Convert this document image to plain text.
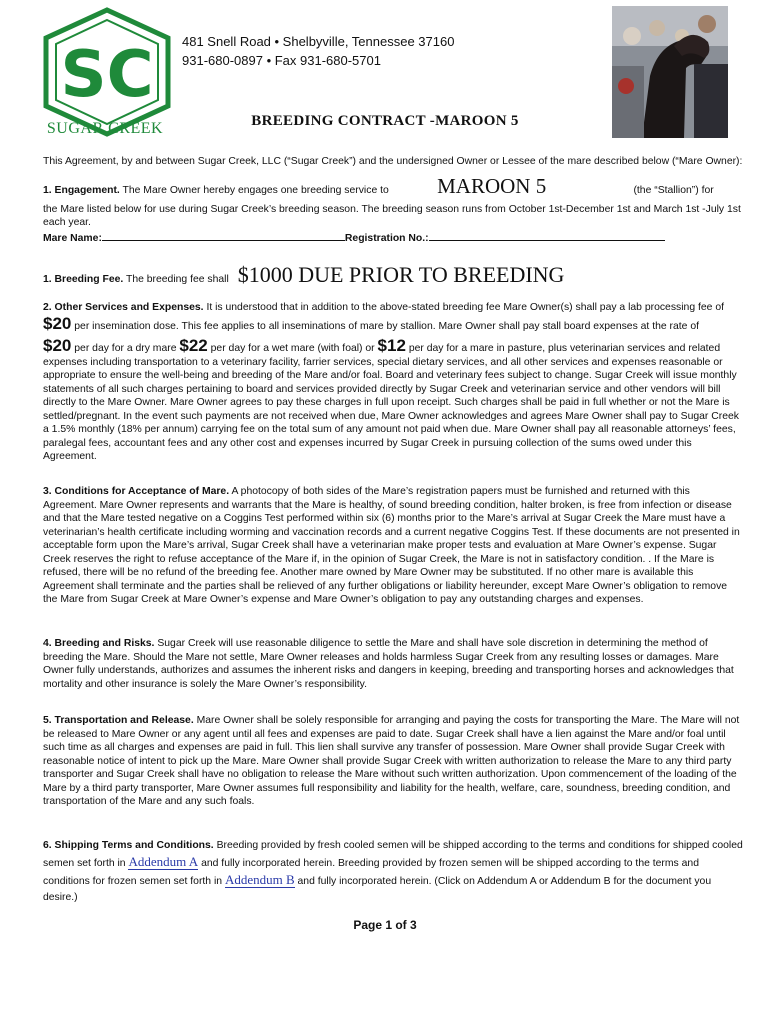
SC
SUGAR CREEK
481 Snell Road • Shelbyville, Tennessee 37160
931-680-0897 • Fax 931-680-5701
BREEDING CONTRACT -MAROON 5

This Agreement, by and between Sugar Creek, LLC (“Sugar Creek”) and the undersigned Owner or Lessee of the mare described below (“Mare Owner):

1. Engagement. The Mare Owner hereby engages one breeding service to MAROON 5	(the “Stallion”) for

the Mare listed below for use during Sugar Creek’s breeding season. The breeding season runs from October 1st-December 1st and March 1st -July 1st each year.

Mare Name:	Registration No.:

1. Breeding Fee. The breeding fee shall $1000 DUE PRIOR TO BREEDING

2. Other Services and Expenses. It is understood that in addition to the above-stated breeding fee Mare Owner(s) shall pay a lab processing fee of

$20 per insemination dose. This fee applies to all inseminations of mare by stallion. Mare Owner shall pay stall board expenses at the rate of

$20 per day for a dry mare $22 per day for a wet mare (with foal) or $12 per day for a mare in pasture, plus veterinarian services and related expenses including transportation to a veterinary facility, farrier services, special dietary services, and all other services and expenses reasonable or appropriate to ensure the well-being and breeding of the Mare and/or foal. Board and veterinary fees subject to change. Sugar Creek will issue monthly statements of all such charges pertaining to board and services provided directly by Sugar Creek and veterinarian service and other vendors will bill directly to the Mare Owner. Mare Owner agrees to pay these charges in full upon receipt. Such charges shall be paid in full whether or not the Mare is settled/pregnant. In the event such payments are not received when due, Mare Owner acknowledges and agrees Mare Owner shall pay to Sugar Creek a 1.5% monthly (18% per annum) carrying fee on the total sum of any amount not paid when due. Mare Owner shall pay all reasonable attorneys’ fees, paralegal fees, accountant fees and any other cost and expenses incurred by Sugar Creek in pursuing collection of the sums owed under this Agreement.

3. Conditions for Acceptance of Mare. A photocopy of both sides of the Mare’s registration papers must be furnished and returned with this Agreement. Mare Owner represents and warrants that the Mare is healthy, of sound breeding condition, halter broken, is free from infection or disease and that the Mare tested negative on a Coggins Test performed within six (6) months prior to the Mare’s arrival at Sugar Creek the Mare must have a veterinarian’s health certificate including worming and vaccination records and a current negative Coggins Test. If these documents are not presented in acceptable form upon the Mare’s arrival, Sugar Creek shall have a veterinarian make proper tests and evaluation at Mare Owner’s expense. Sugar Creek reserves the right to refuse acceptance of the Mare if, in the opinion of Sugar Creek, the Mare is not in satisfactory condition. . If the Mare is refused, there will be no refund of the breeding fee. Another mare owned by Mare Owner may be substituted. If no other mare is available this Agreement shall terminate and the parties shall be relieved of any further obligations or liability hereunder, except Mare Owner’s obligation to remove the Mare from Sugar Creek at Mare Owner’s expense and Mare Owner’s obligation to pay any outstanding charges and expenses.

4. Breeding and Risks. Sugar Creek will use reasonable diligence to settle the Mare and shall have sole discretion in determining the method of breeding the Mare. Should the Mare not settle, Mare Owner releases and holds harmless Sugar Creek from any resulting losses or damages. Mare Owner fully understands, authorizes and assumes the inherent risks and dangers in keeping, breeding and transporting horses and acknowledges that mortality and other insurance is solely the Mare Owner’s responsibility.

5. Transportation and Release. Mare Owner shall be solely responsible for arranging and paying the costs for transporting the Mare. The Mare will not be released to Mare Owner or any agent until all fees and expenses are paid to date. Sugar Creek shall have a lien against the Mare and/or foal until such time as all charges and expenses are paid in full. This lien shall survive any transfer of possession. Mare Owner shall provide Sugar Creek with reasonable notice of intent to pick up the Mare. Mare Owner shall provide Sugar Creek with written authorization to release the Mare to any third party transporter and Sugar Creek shall have no obligation to release the Mare without such written authorization. Upon commencement of the loading of the Mare by a third party transporter, Mare Owner assumes full responsibility and liability for the health, welfare, care, soundness, breeding condition, and transportation of the Mare and any such foals.

6. Shipping Terms and Conditions. Breeding provided by fresh cooled semen will be shipped according to the terms and conditions for shipped cooled semen set forth in Addendum A and fully incorporated herein. Breeding provided by frozen semen will be shipped according to the terms and conditions for frozen semen set forth in Addendum B and fully incorporated herein. (Click on Addendum A or Addendum B for the document you desire.)

Page 1 of 3
